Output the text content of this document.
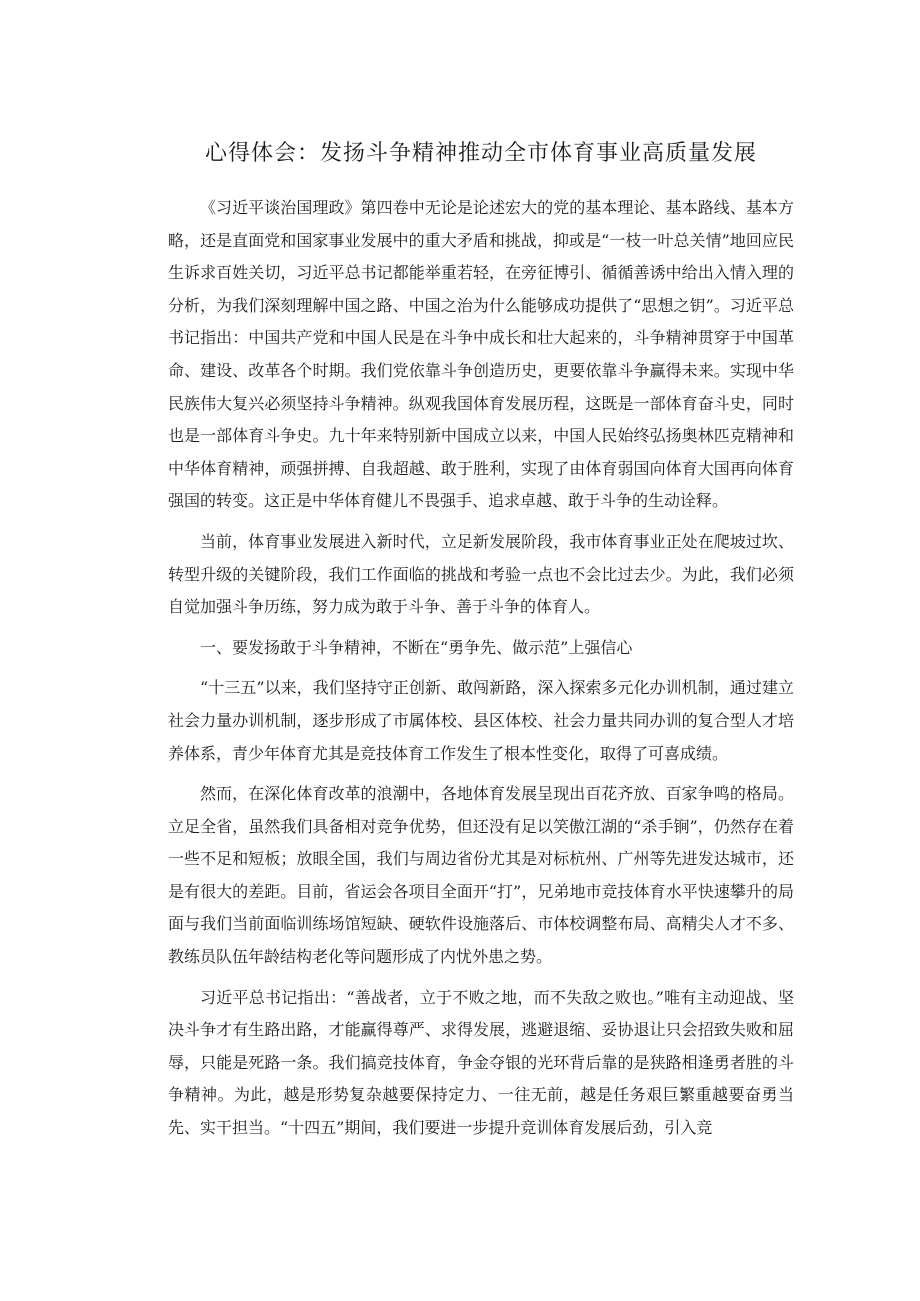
心得体会：发扬斗争精神推动全市体育事业高质量发展

《习近平谈治国理政》第四卷中无论是论述宏大的党的基本理论、基本路线、基本方略，还是直面党和国家事业发展中的重大矛盾和挑战，抑或是“一枝一叶总关情”地回应民生诉求百姓关切，习近平总书记都能举重若轻，在旁征博引、循循善诱中给出入情入理的分析，为我们深刻理解中国之路、中国之治为什么能够成功提供了“思想之钥”。习近平总书记指出：中国共产党和中国人民是在斗争中成长和壮大起来的，斗争精神贯穿于中国革命、建设、改革各个时期。我们党依靠斗争创造历史，更要依靠斗争赢得未来。实现中华民族伟大复兴必须坚持斗争精神。纵观我国体育发展历程，这既是一部体育奋斗史，同时也是一部体育斗争史。九十年来特别新中国成立以来，中国人民始终弘扬奥林匹克精神和中华体育精神，顽强拼搏、自我超越、敢于胜利，实现了由体育弱国向体育大国再向体育强国的转变。这正是中华体育健儿不畏强手、追求卓越、敢于斗争的生动诠释。

当前，体育事业发展进入新时代，立足新发展阶段，我市体育事业正处在爬坡过坎、转型升级的关键阶段，我们工作面临的挑战和考验一点也不会比过去少。为此，我们必须自觉加强斗争历练，努力成为敢于斗争、善于斗争的体育人。

一、要发扬敢于斗争精神，不断在“勇争先、做示范”上强信心

“十三五”以来，我们坚持守正创新、敢闯新路，深入探索多元化办训机制，通过建立社会力量办训机制，逐步形成了市属体校、县区体校、社会力量共同办训的复合型人才培养体系，青少年体育尤其是竞技体育工作发生了根本性变化，取得了可喜成绩。

然而，在深化体育改革的浪潮中，各地体育发展呈现出百花齐放、百家争鸣的格局。立足全省，虽然我们具备相对竞争优势，但还没有足以笑傲江湖的“杀手锏”，仍然存在着一些不足和短板；放眼全国，我们与周边省份尤其是对标杭州、广州等先进发达城市，还是有很大的差距。目前，省运会各项目全面开“打”，兄弟地市竞技体育水平快速攀升的局面与我们当前面临训练场馆短缺、硬软件设施落后、市体校调整布局、高精尖人才不多、教练员队伍年龄结构老化等问题形成了内忧外患之势。

习近平总书记指出：“善战者，立于不败之地，而不失敌之败也。”唯有主动迎战、坚决斗争才有生路出路，才能赢得尊严、求得发展，逃避退缩、妥协退让只会招致失败和屈辱，只能是死路一条。我们搞竞技体育，争金夺银的光环背后靠的是狭路相逢勇者胜的斗争精神。为此，越是形势复杂越要保持定力、一往无前，越是任务艰巨繁重越要奋勇当先、实干担当。“十四五”期间，我们要进一步提升竞训体育发展后劲，引入竞
